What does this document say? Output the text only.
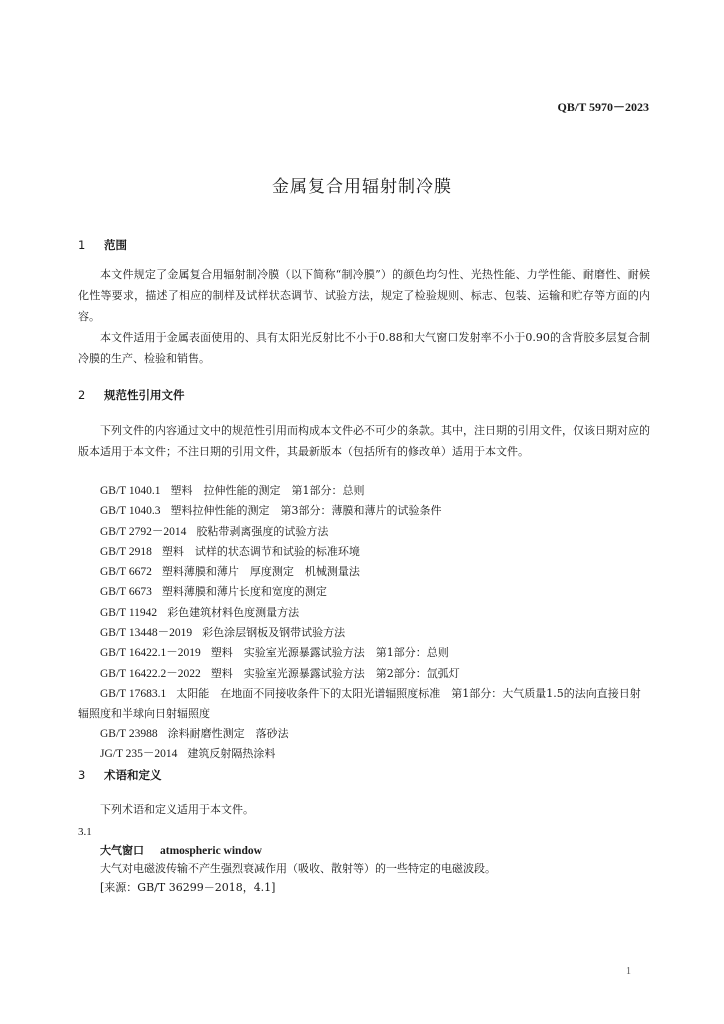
QB/T 5970－2023
金属复合用辐射制冷膜
1 范围

本文件规定了金属复合用辐射制冷膜（以下简称“制冷膜”）的颜色均匀性、光热性能、力学性能、耐磨性、耐候化性等要求，描述了相应的制样及试样状态调节、试验方法，规定了检验规则、标志、包装、运输和贮存等方面的内容。

本文件适用于金属表面使用的、具有太阳光反射比不小于0.88和大气窗口发射率不小于0.90的含背胶多层复合制冷膜的生产、检验和销售。

2 规范性引用文件

下列文件的内容通过文中的规范性引用而构成本文件必不可少的条款。其中，注日期的引用文件，仅该日期对应的版本适用于本文件；不注日期的引用文件，其最新版本（包括所有的修改单）适用于本文件。

GB/T 1040.1 塑料　拉伸性能的测定　第1部分：总则
GB/T 1040.3 塑料拉伸性能的测定　第3部分：薄膜和薄片的试验条件
GB/T 2792－2014 胶粘带剥离强度的试验方法
GB/T 2918 塑料　试样的状态调节和试验的标准环境
GB/T 6672 塑料薄膜和薄片　厚度测定　机械测量法
GB/T 6673 塑料薄膜和薄片长度和宽度的测定
GB/T 11942 彩色建筑材料色度测量方法
GB/T 13448－2019 彩色涂层钢板及钢带试验方法
GB/T 16422.1－2019 塑料　实验室光源暴露试验方法　第1部分：总则
GB/T 16422.2－2022 塑料　实验室光源暴露试验方法　第2部分：氙弧灯
GB/T 17683.1 太阳能　在地面不同接收条件下的太阳光谱辐照度标准　第1部分：大气质量1.5的法向直接日射辐照度和半球向日射辐照度
GB/T 23988 涂料耐磨性测定　落砂法
JG/T 235－2014 建筑反射隔热涂料
3 术语和定义

下列术语和定义适用于本文件。

3.1
大气窗口 atmospheric window
大气对电磁波传输不产生强烈衰减作用（吸收、散射等）的一些特定的电磁波段。
[来源：GB/T 36299－2018，4.1]
1
